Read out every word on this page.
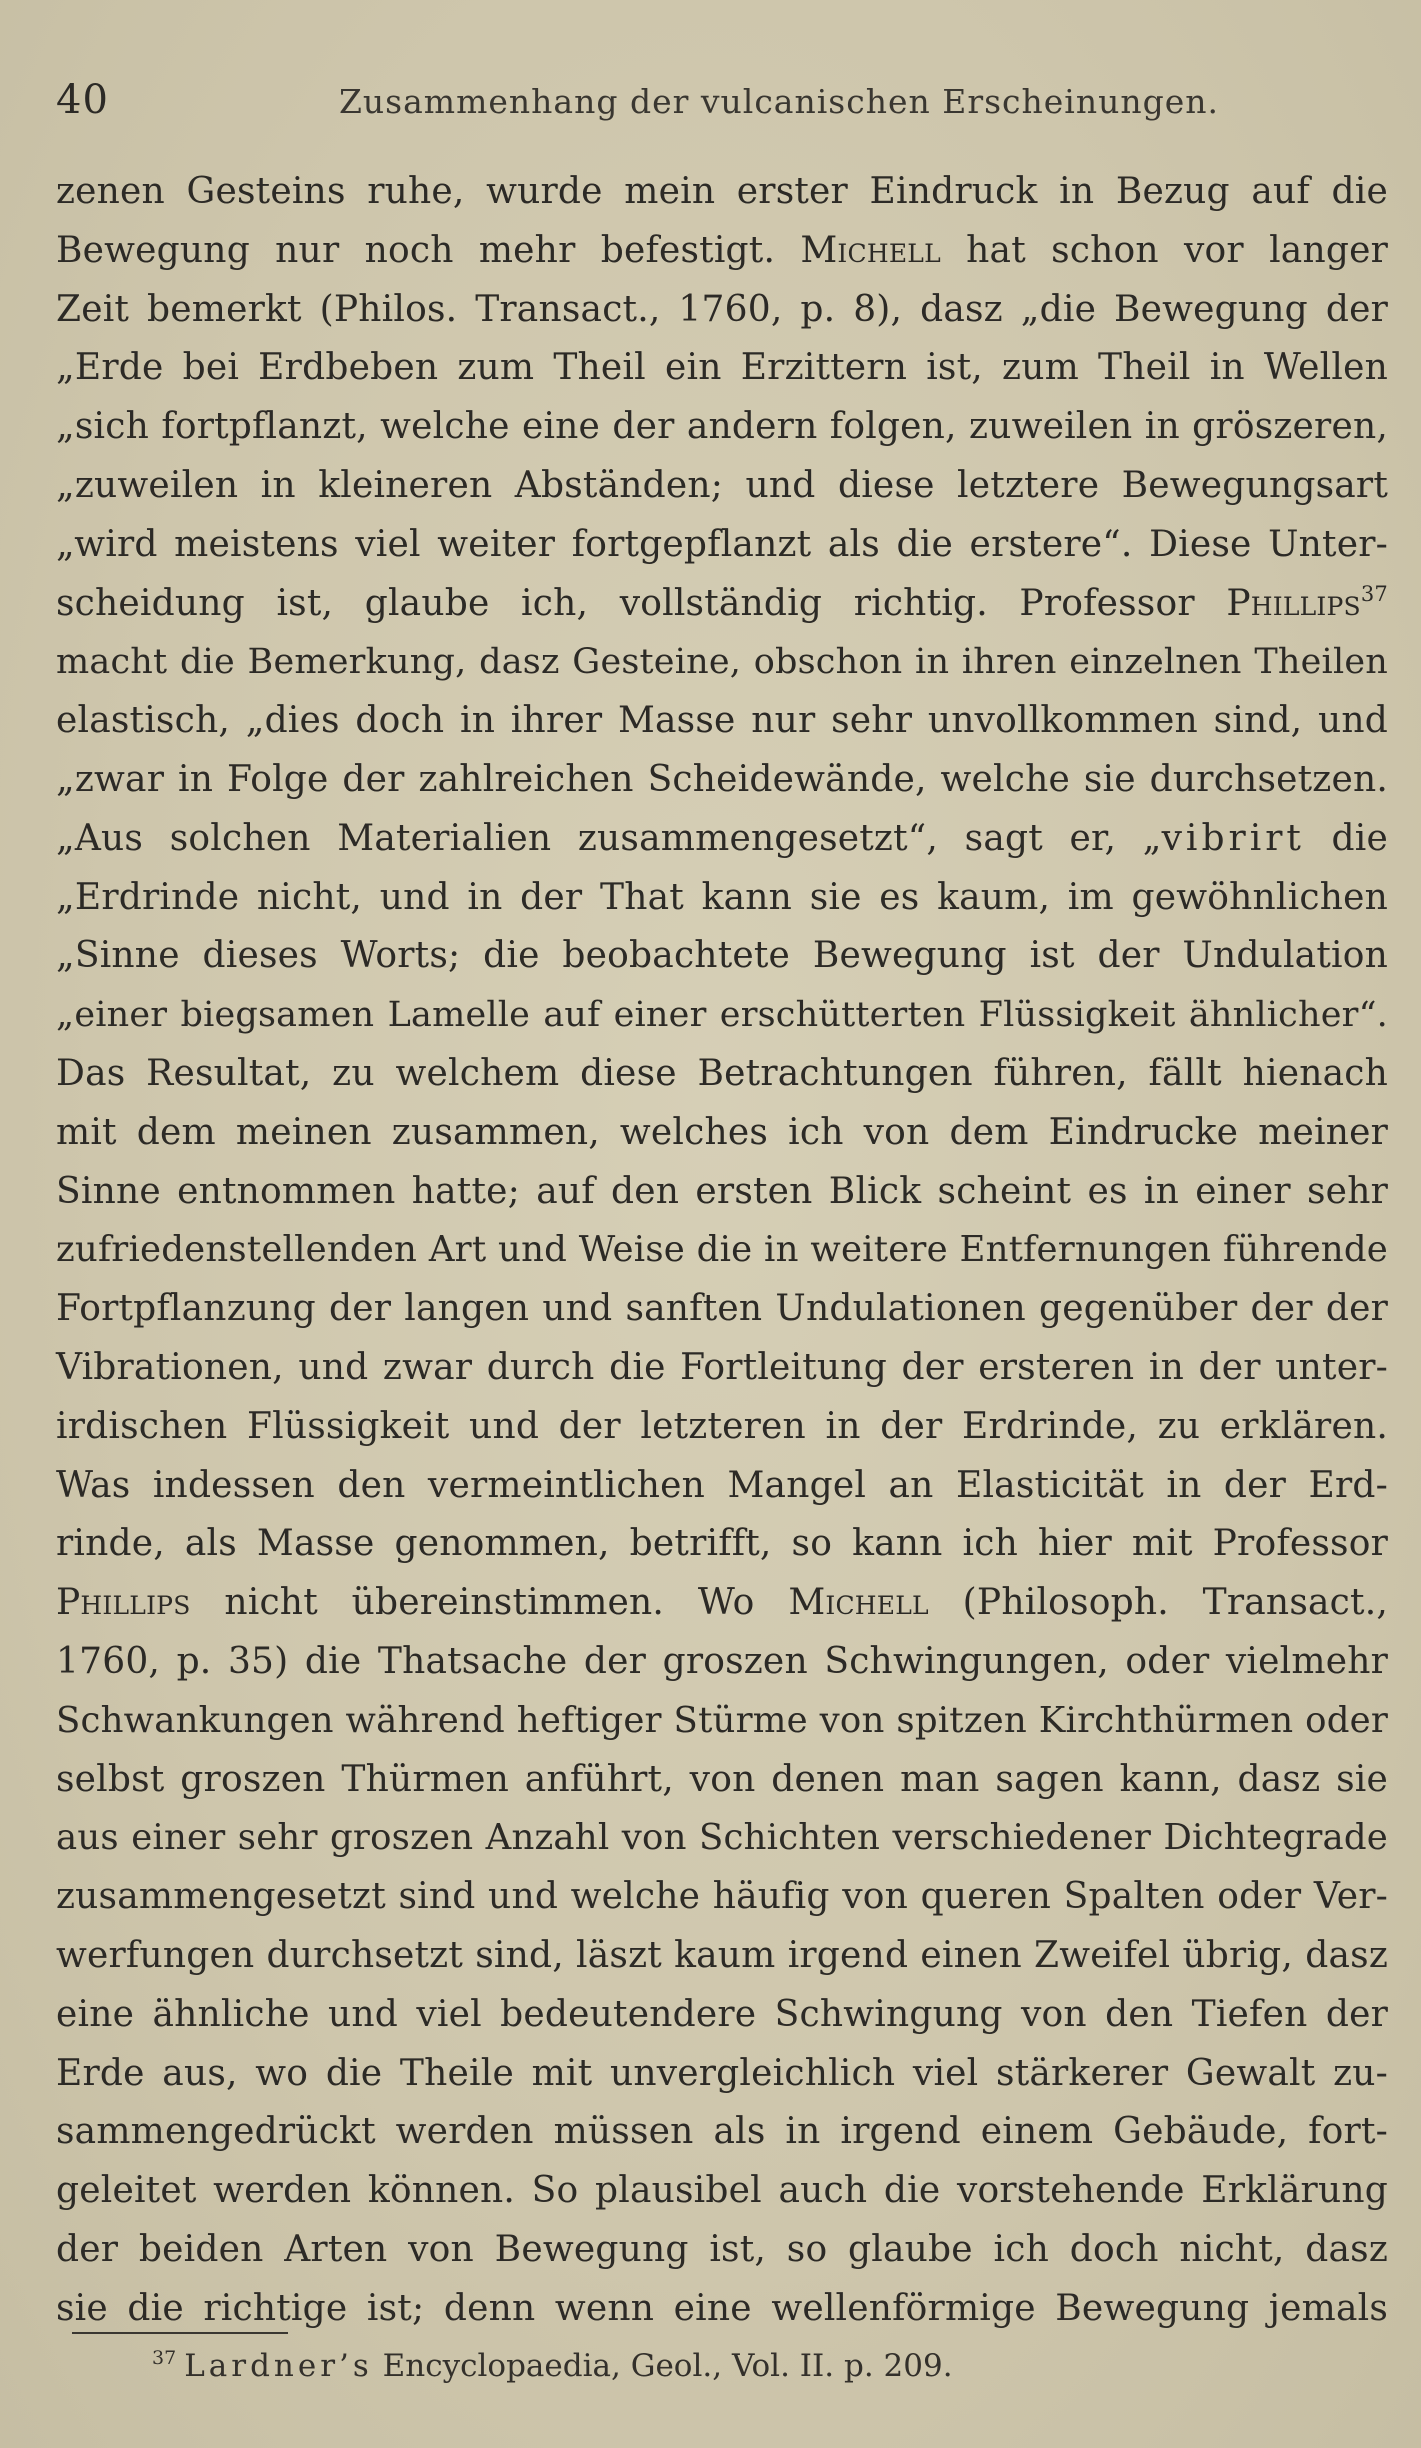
40	Zusammenhang der vulcanischen Erscheinungen.
zenen Gesteins ruhe, wurde mein erster Eindruck in Bezug auf die
Bewegung nur noch mehr befestigt. Michell hat schon vor langer
Zeit bemerkt (Philos. Transact., 1760, p. 8), dasz „die Bewegung der
„Erde bei Erdbeben zum Theil ein Erzittern ist, zum Theil in Wellen
„sich fortpflanzt, welche eine der andern folgen, zuweilen in gröszeren,
„zuweilen in kleineren Abständen; und diese letztere Bewegungsart
„wird meistens viel weiter fortgepflanzt als die erstere“. Diese Unter-
scheidung ist, glaube ich, vollständig richtig. Professor Phillips$^{37}$
macht die Bemerkung, dasz Gesteine, obschon in ihren einzelnen Theilen
elastisch, „dies doch in ihrer Masse nur sehr unvollkommen sind, und
„zwar in Folge der zahlreichen Scheidewände, welche sie durchsetzen.
„Aus solchen Materialien zusammengesetzt“, sagt er, „vibrirt die
„Erdrinde nicht, und in der That kann sie es kaum, im gewöhnlichen
„Sinne dieses Worts; die beobachtete Bewegung ist der Undulation
„einer biegsamen Lamelle auf einer erschütterten Flüssigkeit ähnlicher“.
Das Resultat, zu welchem diese Betrachtungen führen, fällt hienach
mit dem meinen zusammen, welches ich von dem Eindrucke meiner
Sinne entnommen hatte; auf den ersten Blick scheint es in einer sehr
zufriedenstellenden Art und Weise die in weitere Entfernungen führende
Fortpflanzung der langen und sanften Undulationen gegenüber der der
Vibrationen, und zwar durch die Fortleitung der ersteren in der unter-
irdischen Flüssigkeit und der letzteren in der Erdrinde, zu erklären.
Was indessen den vermeintlichen Mangel an Elasticität in der Erd-
rinde, als Masse genommen, betrifft, so kann ich hier mit Professor
Phillips nicht übereinstimmen. Wo Michell (Philosoph. Transact.,
1760, p. 35) die Thatsache der groszen Schwingungen, oder vielmehr
Schwankungen während heftiger Stürme von spitzen Kirchthürmen oder
selbst groszen Thürmen anführt, von denen man sagen kann, dasz sie
aus einer sehr groszen Anzahl von Schichten verschiedener Dichtegrade
zusammengesetzt sind und welche häufig von queren Spalten oder Ver-
werfungen durchsetzt sind, läszt kaum irgend einen Zweifel übrig, dasz
eine ähnliche und viel bedeutendere Schwingung von den Tiefen der
Erde aus, wo die Theile mit unvergleichlich viel stärkerer Gewalt zu-
sammengedrückt werden müssen als in irgend einem Gebäude, fort-
geleitet werden können. So plausibel auch die vorstehende Erklärung
der beiden Arten von Bewegung ist, so glaube ich doch nicht, dasz
sie die richtige ist; denn wenn eine wellenförmige Bewegung jemals
$^{37}$ Lardner’s Encyclopaedia, Geol., Vol. II. p. 209.
